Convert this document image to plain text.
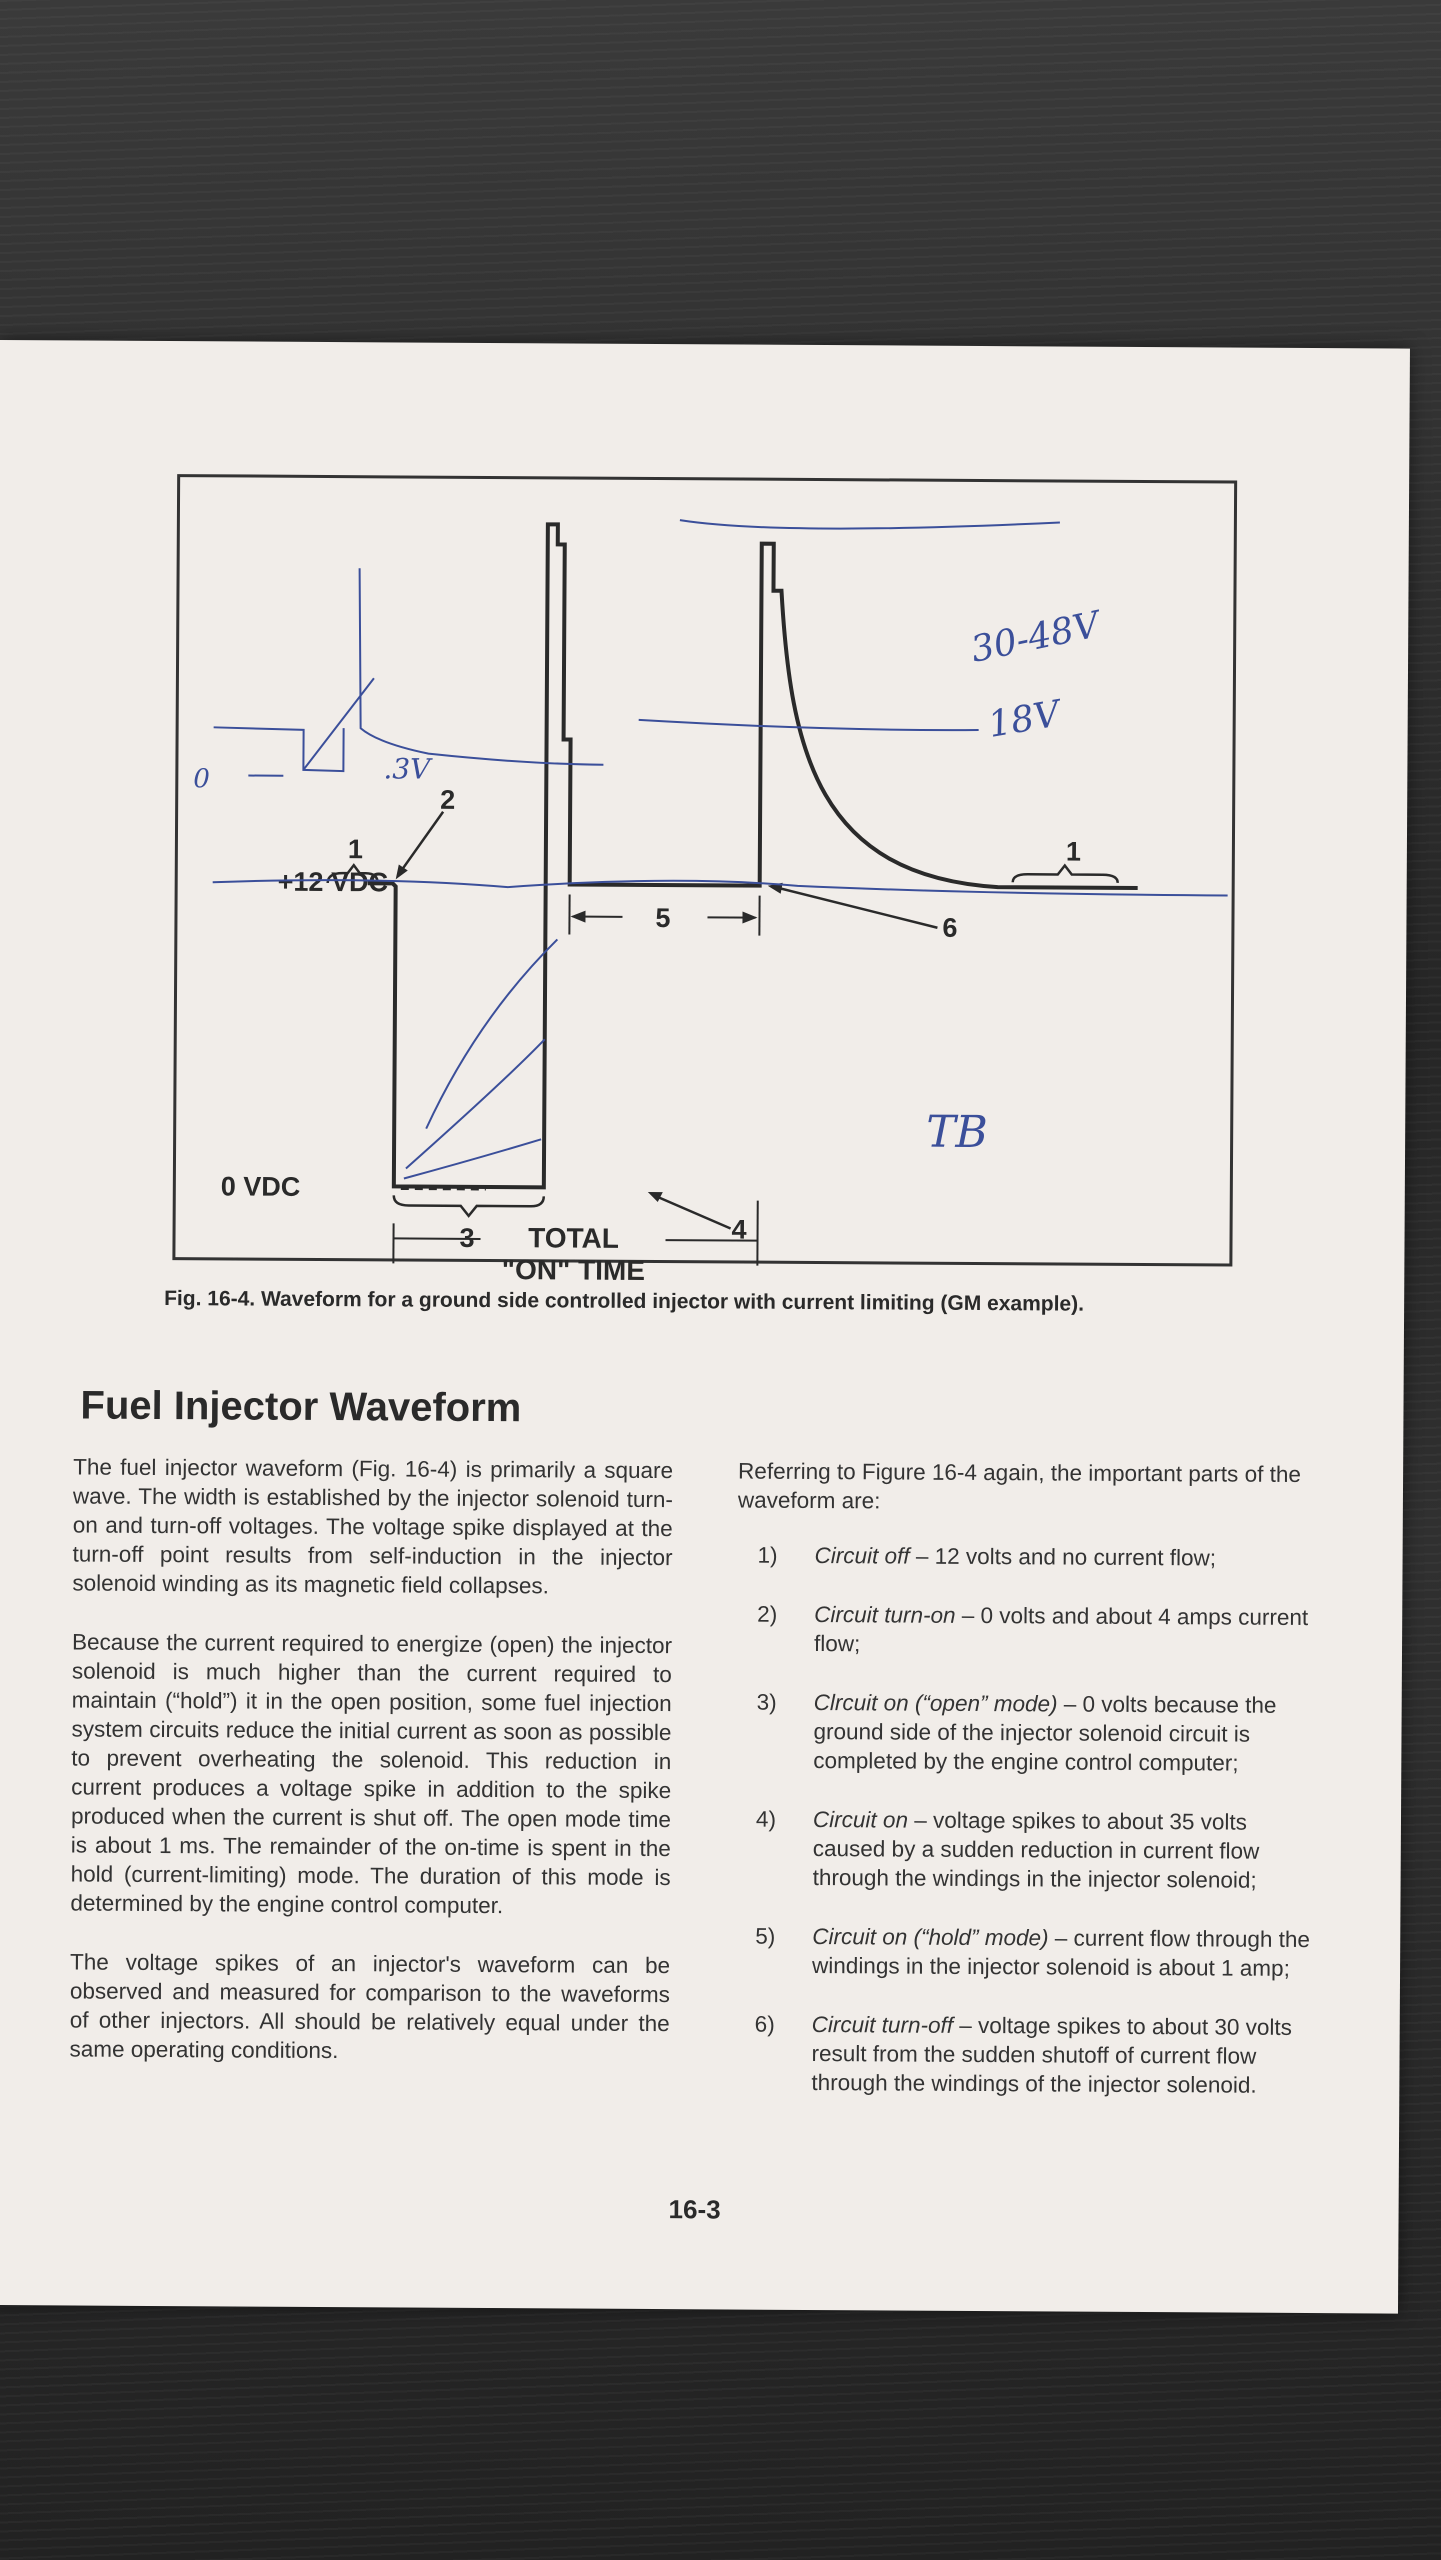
+12 VDC
0 VDC
1	1
2
3	4
5	6
TOTAL
"ON" TIME
0	.3V
30-48V
18V
TB
Fig. 16-4. Waveform for a ground side controlled injector with current limiting (GM example).
Fuel Injector Waveform

The fuel injector waveform (Fig. 16-4) is primarily a square wave. The width is established by the injector solenoid turn-on and turn-off voltages. The voltage spike displayed at the turn-off point results from self-induction in the injector solenoid winding as its magnetic field collapses.

Because the current required to energize (open) the injector solenoid is much higher than the current required to maintain (“hold”) it in the open position, some fuel injection system circuits reduce the initial current as soon as possible to prevent overheating the solenoid. This reduction in current produces a voltage spike in addition to the spike produced when the current is shut off. The open mode time is about 1 ms. The remainder of the on-time is spent in the hold (current-limiting) mode. The duration of this mode is determined by the engine control computer.

The voltage spikes of an injector's waveform can be observed and measured for comparison to the waveforms of other injectors. All should be relatively equal under the same operating conditions.

Referring to Figure 16-4 again, the important parts of the waveform are:

1) Circuit off – 12 volts and no current flow;
2) Circuit turn-on – 0 volts and about 4 amps current flow;
3) Clrcuit on (“open” mode) – 0 volts because the ground side of the injector solenoid circuit is completed by the engine control computer;
4) Circuit on – voltage spikes to about 35 volts caused by a sudden reduction in current flow through the windings in the injector solenoid;
5) Circuit on (“hold” mode) – current flow through the windings in the injector solenoid is about 1 amp;
6) Circuit turn-off – voltage spikes to about 30 volts result from the sudden shutoff of current flow through the windings of the injector solenoid.
16-3
